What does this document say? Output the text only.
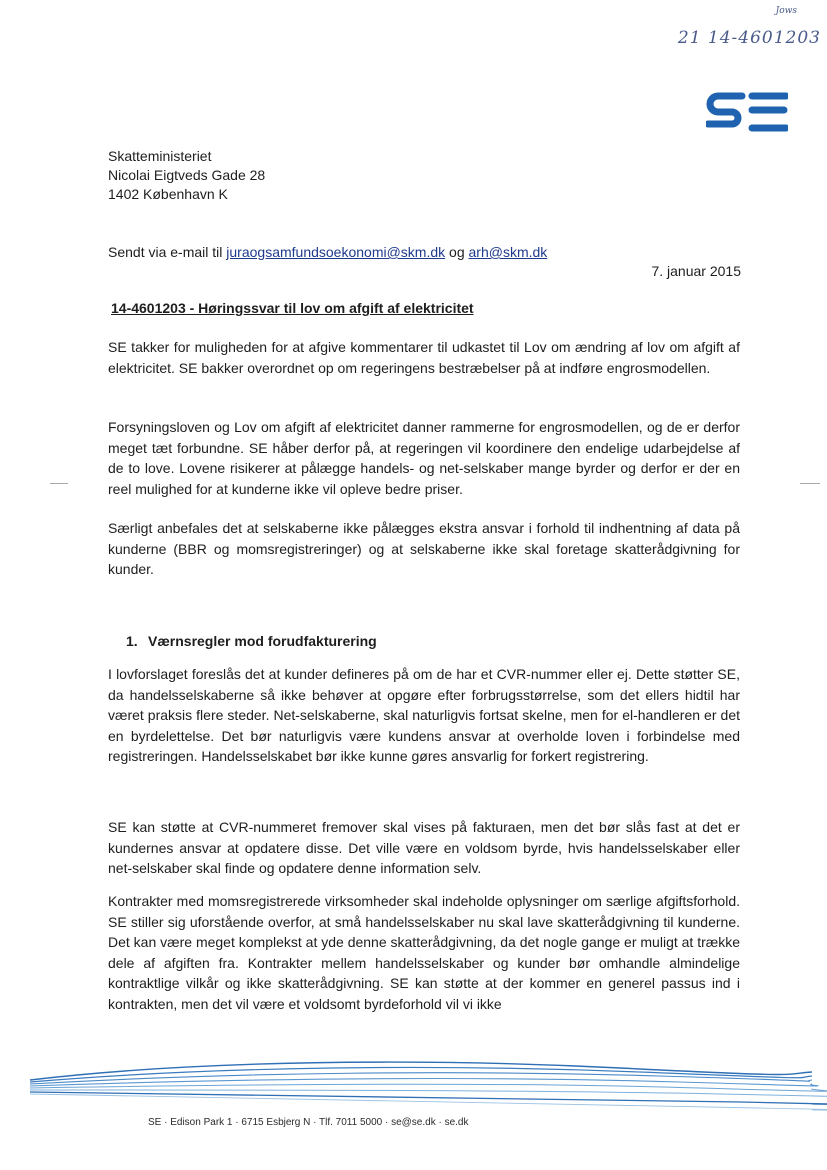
Jows
21 14-4601203
Skatteministeriet
Nicolai Eigtveds Gade 28
1402 København K
Sendt via e-mail til juraogsamfundsoekonomi@skm.dk og arh@skm.dk
7. januar 2015
14-4601203 - Høringssvar til lov om afgift af elektricitet
SE takker for muligheden for at afgive kommentarer til udkastet til Lov om ændring af lov om afgift af elektricitet. SE bakker overordnet op om regeringens bestræbelser på at indføre engrosmodellen.
Forsyningsloven og Lov om afgift af elektricitet danner rammerne for engrosmodellen, og de er derfor meget tæt forbundne. SE håber derfor på, at regeringen vil koordinere den endelige udarbejdelse af de to love. Lovene risikerer at pålægge handels- og net-selskaber mange byrder og derfor er der en reel mulighed for at kunderne ikke vil opleve bedre priser.
Særligt anbefales det at selskaberne ikke pålægges ekstra ansvar i forhold til indhentning af data på kunderne (BBR og momsregistreringer) og at selskaberne ikke skal foretage skatterådgivning for kunder.
1. Værnsregler mod forudfakturering
I lovforslaget foreslås det at kunder defineres på om de har et CVR-nummer eller ej. Dette støtter SE, da handelsselskaberne så ikke behøver at opgøre efter forbrugsstørrelse, som det ellers hidtil har været praksis flere steder. Net-selskaberne, skal naturligvis fortsat skelne, men for el-handleren er det en byrdelettelse. Det bør naturligvis være kundens ansvar at overholde loven i forbindelse med registreringen. Handelsselskabet bør ikke kunne gøres ansvarlig for forkert registrering.
SE kan støtte at CVR-nummeret fremover skal vises på fakturaen, men det bør slås fast at det er kundernes ansvar at opdatere disse. Det ville være en voldsom byrde, hvis handelsselskaber eller net-selskaber skal finde og opdatere denne information selv.
Kontrakter med momsregistrerede virksomheder skal indeholde oplysninger om særlige afgiftsforhold. SE stiller sig uforstående overfor, at små handelsselskaber nu skal lave skatterådgivning til kunderne. Det kan være meget komplekst at yde denne skatterådgivning, da det nogle gange er muligt at trække dele af afgiften fra. Kontrakter mellem handelsselskaber og kunder bør omhandle almindelige kontraktlige vilkår og ikke skatterådgivning. SE kan støtte at der kommer en generel passus ind i kontrakten, men det vil være et voldsomt byrdeforhold vil vi ikke
SE · Edison Park 1 · 6715 Esbjerg N · Tlf. 7011 5000 · se@se.dk · se.dk
